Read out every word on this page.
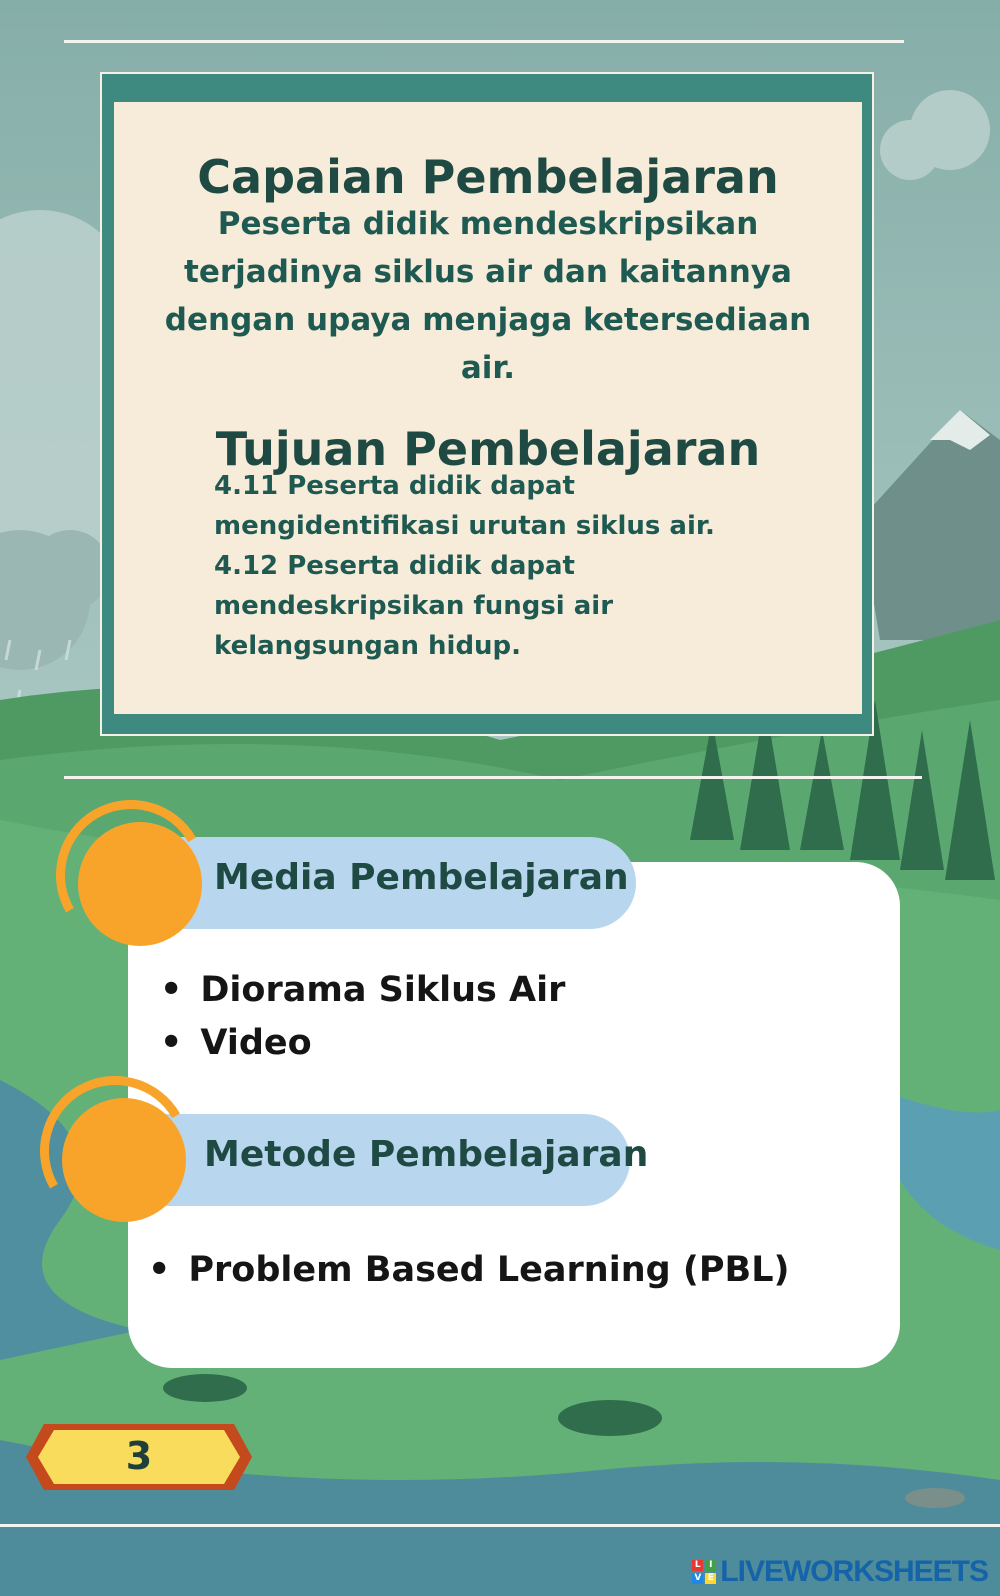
Capaian Pembelajaran
Peserta didik mendeskripsikan terjadinya siklus air dan kaitannya dengan upaya menjaga ketersediaan air.
Tujuan Pembelajaran
4.11 Peserta didik dapat mengidentifikasi urutan siklus air.
4.12 Peserta didik dapat mendeskripsikan fungsi air kelangsungan hidup.
Media Pembelajaran
• Diorama Siklus Air
• Video
Metode Pembelajaran
• Problem Based Learning (PBL)
3
L I
V E LIVEWORKSHEETS
